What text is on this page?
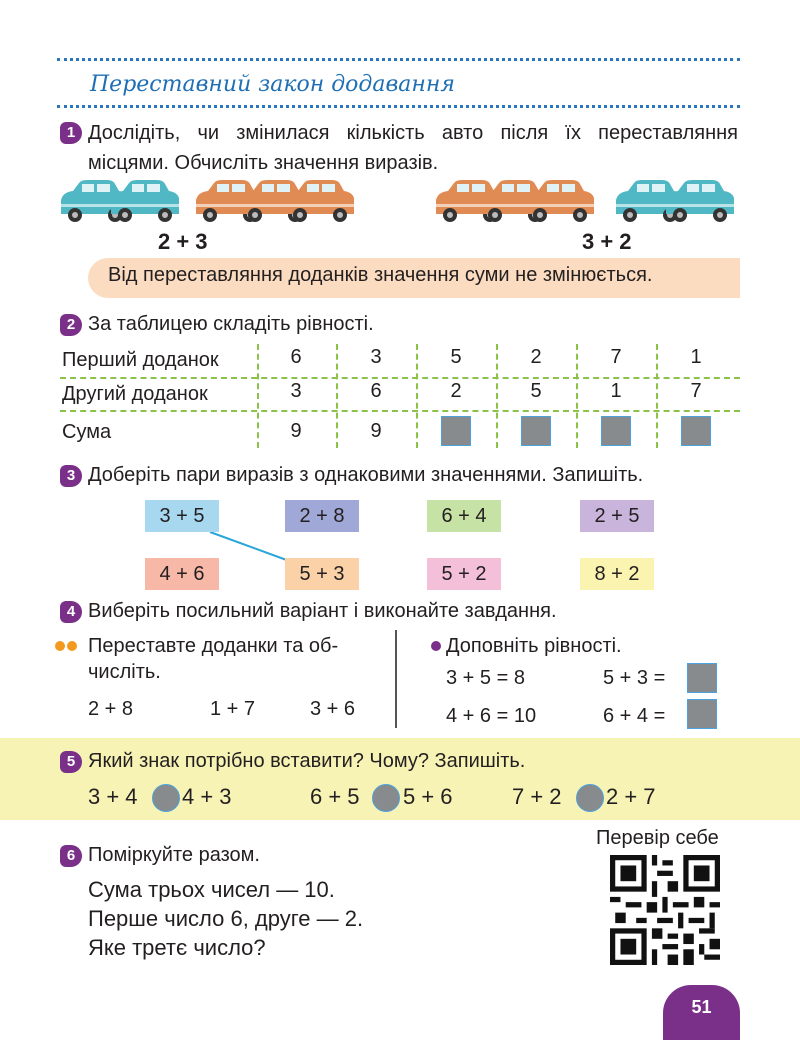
Переставний закон додавання
1 Дослідіть, чи змінилася кількість авто після їх переставляння місцями. Обчисліть значення виразів.
2 + 3	3 + 2
Від переставляння доданків значення суми не змінюється.
2 За таблицею складіть рівності.
Перший доданок	6	3	5	2	7	1
Другий доданок	3	6	2	5	1	7
Сума	9	9
3 Доберіть пари виразів з однаковими значеннями. Запишіть.
3 + 5	2 + 8	6 + 4	2 + 5
4 + 6	5 + 3	5 + 2	8 + 2
4 Виберіть посильний варіант і виконайте завдання.
Переставте доданки та об-
числіть.
2 + 8	1 + 7	3 + 6
Доповніть рівності.
3 + 5 = 8
4 + 6 = 10
5 + 3 =
6 + 4 =
5 Який знак потрібно вставити? Чому? Запишіть.
3 + 4 4 + 3	6 + 5 5 + 6	7 + 2 2 + 7
6 Поміркуйте разом.
Сума трьох чисел — 10.
Перше число 6, друге — 2.
Яке третє число?
Перевір себе
51
